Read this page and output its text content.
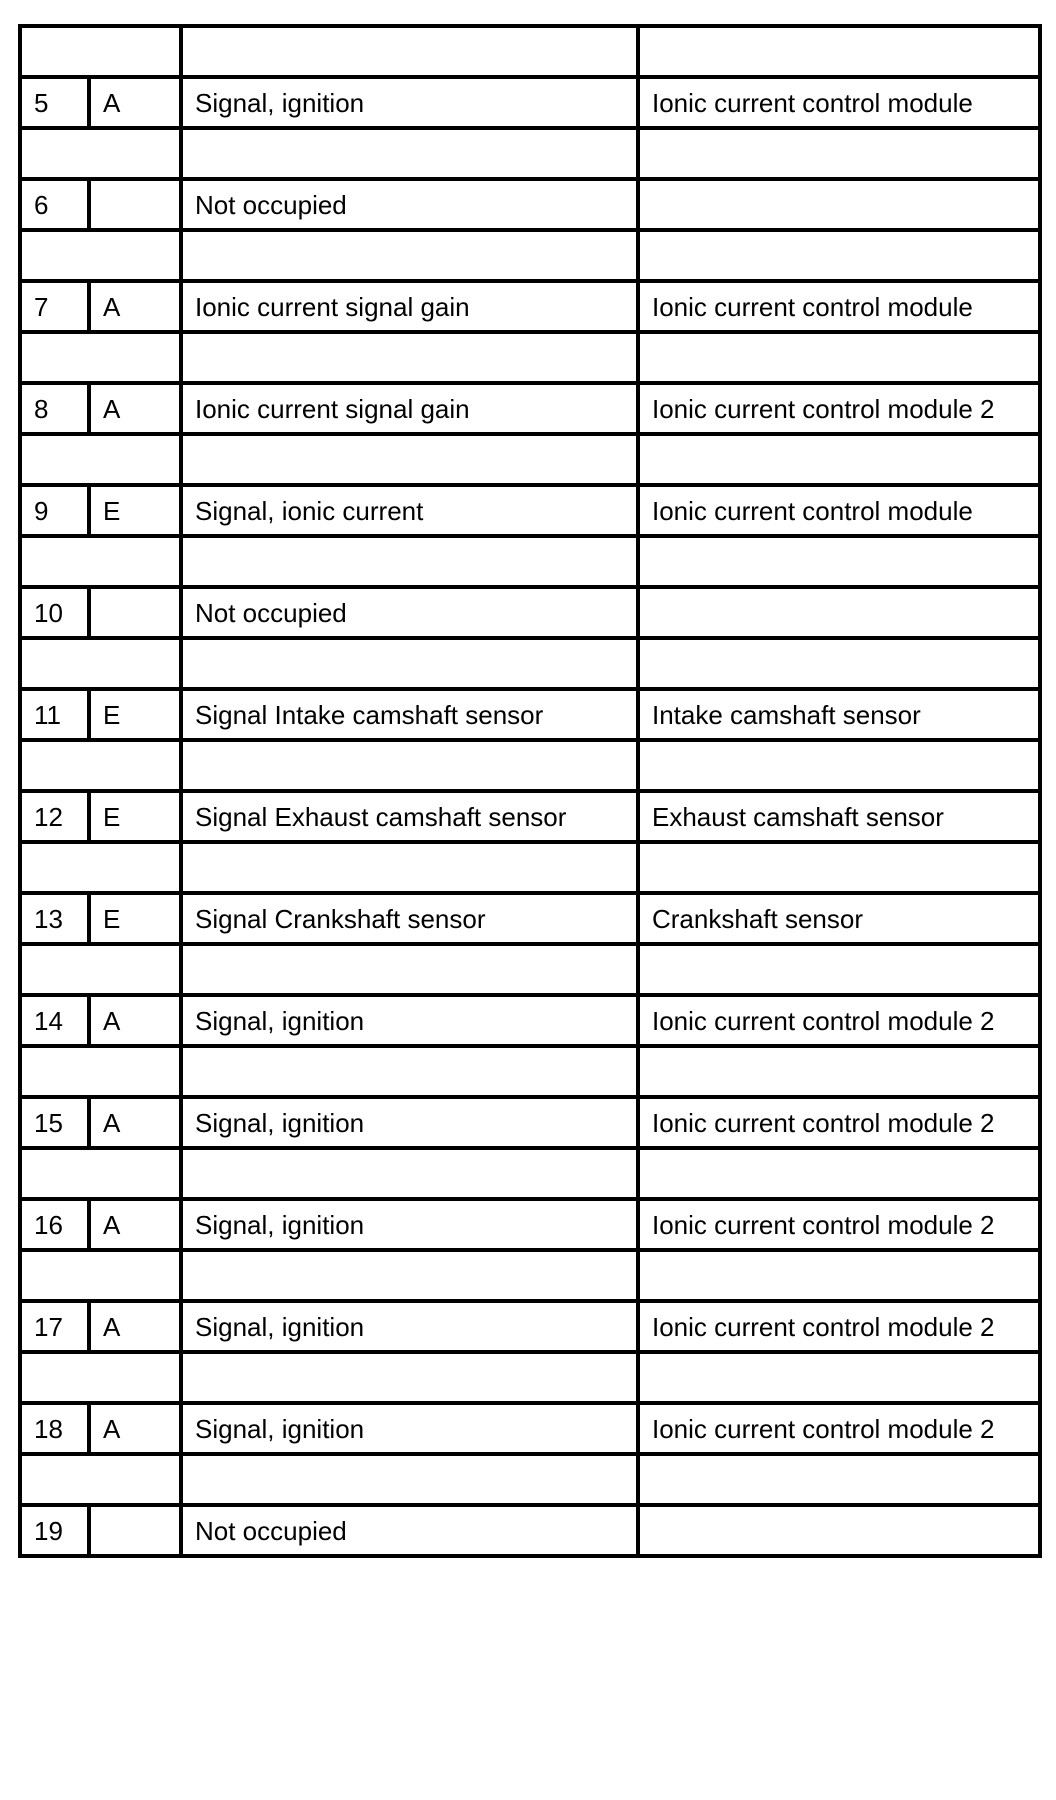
5	A	Signal, ignition	Ionic current control module

6		Not occupied	

7	A	Ionic current signal gain	Ionic current control module

8	A	Ionic current signal gain	Ionic current control module 2

9	E	Signal, ionic current	Ionic current control module

10		Not occupied	

11	E	Signal Intake camshaft sensor	Intake camshaft sensor

12	E	Signal Exhaust camshaft sensor	Exhaust camshaft sensor

13	E	Signal Crankshaft sensor	Crankshaft sensor

14	A	Signal, ignition	Ionic current control module 2

15	A	Signal, ignition	Ionic current control module 2

16	A	Signal, ignition	Ionic current control module 2

17	A	Signal, ignition	Ionic current control module 2

18	A	Signal, ignition	Ionic current control module 2

19		Not occupied	
